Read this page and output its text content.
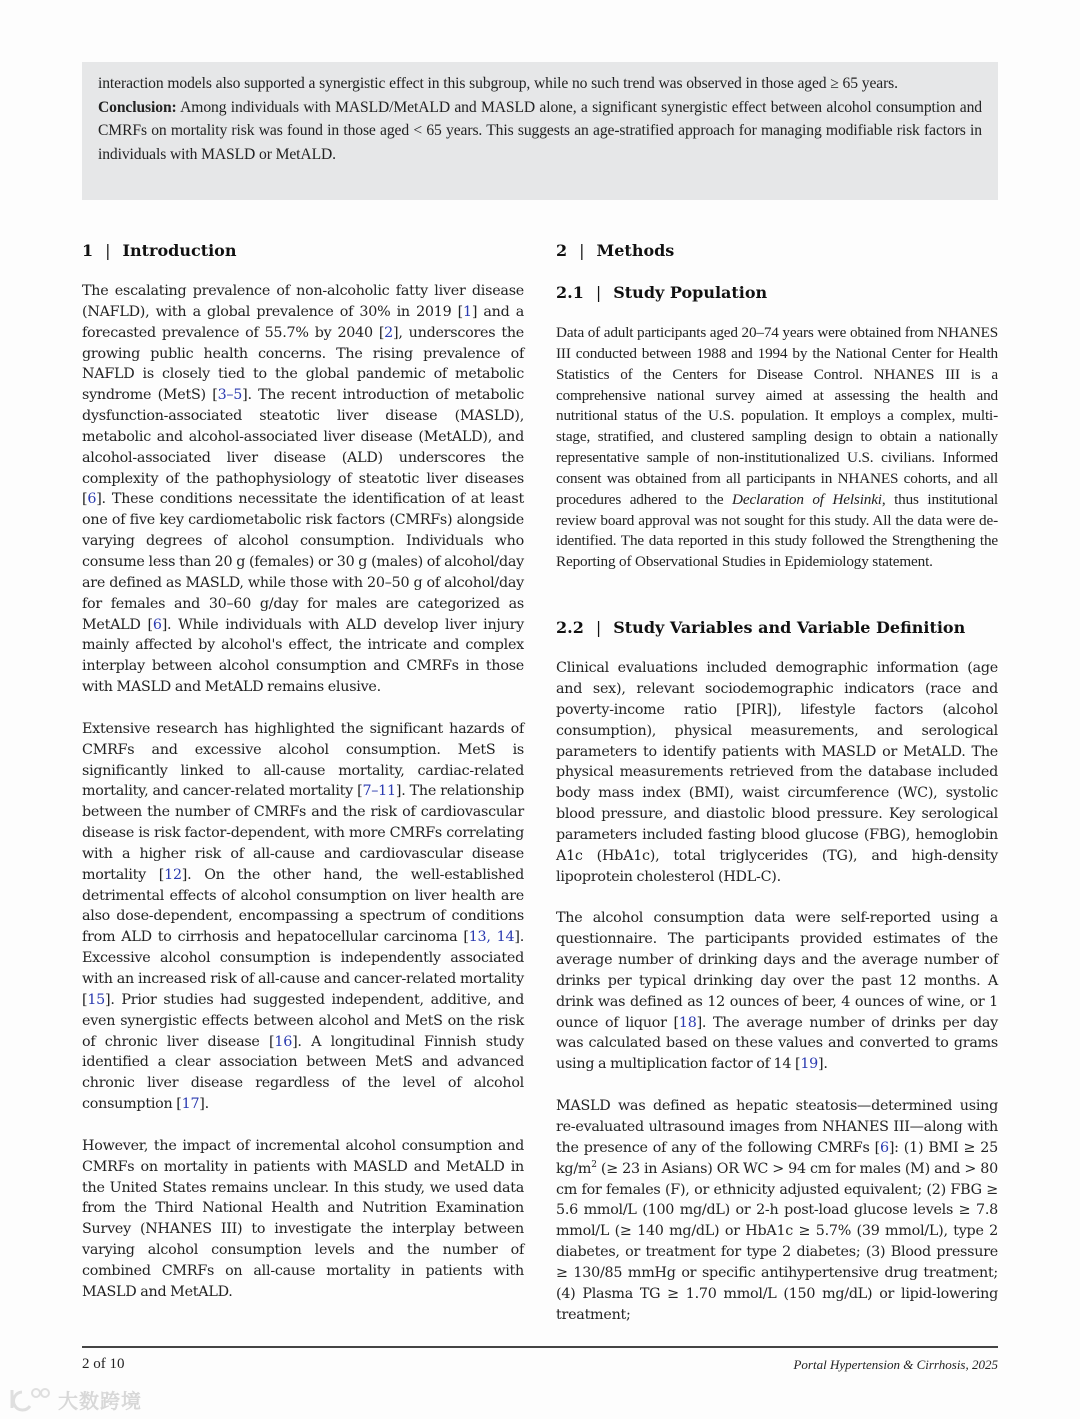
interaction models also supported a synergistic effect in this subgroup, while no such trend was observed in those aged ≥ 65 years.

Conclusion: Among individuals with MASLD/MetALD and MASLD alone, a significant synergistic effect between alcohol consumption and CMRFs on mortality risk was found in those aged < 65 years. This suggests an age-stratified approach for managing modifiable risk factors in individuals with MASLD or MetALD.

1 | Introduction

The escalating prevalence of non-alcoholic fatty liver disease (NAFLD), with a global prevalence of 30% in 2019 [1] and a forecasted prevalence of 55.7% by 2040 [2], underscores the growing public health concerns. The rising prevalence of NAFLD is closely tied to the global pandemic of metabolic syndrome (MetS) [3–5]. The recent introduction of metabolic dysfunction-associated steatotic liver disease (MASLD), metabolic and alcohol-associated liver disease (MetALD), and alcohol-associated liver disease (ALD) underscores the complexity of the pathophysiology of steatotic liver diseases [6]. These conditions necessitate the identification of at least one of five key cardiometabolic risk factors (CMRFs) alongside varying degrees of alcohol consumption. Individuals who consume less than 20 g (females) or 30 g (males) of alcohol/day are defined as MASLD, while those with 20–50 g of alcohol/day for females and 30–60 g/day for males are categorized as MetALD [6]. While individuals with ALD develop liver injury mainly affected by alcohol's effect, the intricate and complex interplay between alcohol consumption and CMRFs in those with MASLD and MetALD remains elusive.

Extensive research has highlighted the significant hazards of CMRFs and excessive alcohol consumption. MetS is significantly linked to all-cause mortality, cardiac-related mortality, and cancer-related mortality [7–11]. The relationship between the number of CMRFs and the risk of cardiovascular disease is risk factor-dependent, with more CMRFs correlating with a higher risk of all-cause and cardiovascular disease mortality [12]. On the other hand, the well-established detrimental effects of alcohol consumption on liver health are also dose-dependent, encompassing a spectrum of conditions from ALD to cirrhosis and hepatocellular carcinoma [13, 14]. Excessive alcohol consumption is independently associated with an increased risk of all-cause and cancer-related mortality [15]. Prior studies had suggested independent, additive, and even synergistic effects between alcohol and MetS on the risk of chronic liver disease [16]. A longitudinal Finnish study identified a clear association between MetS and advanced chronic liver disease regardless of the level of alcohol consumption [17].

However, the impact of incremental alcohol consumption and CMRFs on mortality in patients with MASLD and MetALD in the United States remains unclear. In this study, we used data from the Third National Health and Nutrition Examination Survey (NHANES III) to investigate the interplay between varying alcohol consumption levels and the number of combined CMRFs on all-cause mortality in patients with MASLD and MetALD.

2 | Methods
2.1 | Study Population

Data of adult participants aged 20–74 years were obtained from NHANES III conducted between 1988 and 1994 by the National Center for Health Statistics of the Centers for Disease Control. NHANES III is a comprehensive national survey aimed at assessing the health and nutritional status of the U.S. population. It employs a complex, multi-stage, stratified, and clustered sampling design to obtain a nationally representative sample of non-institutionalized U.S. civilians. Informed consent was obtained from all participants in NHANES cohorts, and all procedures adhered to the Declaration of Helsinki, thus institutional review board approval was not sought for this study. All the data were de-identified. The data reported in this study followed the Strengthening the Reporting of Observational Studies in Epidemiology statement.

2.2 | Study Variables and Variable Definition

Clinical evaluations included demographic information (age and sex), relevant sociodemographic indicators (race and poverty-income ratio [PIR]), lifestyle factors (alcohol consumption), physical measurements, and serological parameters to identify patients with MASLD or MetALD. The physical measurements retrieved from the database included body mass index (BMI), waist circumference (WC), systolic blood pressure, and diastolic blood pressure. Key serological parameters included fasting blood glucose (FBG), hemoglobin A1c (HbA1c), total triglycerides (TG), and high-density lipoprotein cholesterol (HDL-C).

The alcohol consumption data were self-reported using a questionnaire. The participants provided estimates of the average number of drinking days and the average number of drinks per typical drinking day over the past 12 months. A drink was defined as 12 ounces of beer, 4 ounces of wine, or 1 ounce of liquor [18]. The average number of drinks per day was calculated based on these values and converted to grams using a multiplication factor of 14 [19].

MASLD was defined as hepatic steatosis—determined using re-evaluated ultrasound images from NHANES III—along with the presence of any of the following CMRFs [6]: (1) BMI ≥ 25 $kg/m^2$ (≥ 23 in Asians) OR WC > 94 cm for males (M) and > 80 cm for females (F), or ethnicity adjusted equivalent; (2) FBG ≥ 5.6 mmol/L (100 mg/dL) or 2-h post-load glucose levels ≥ 7.8 mmol/L (≥ 140 mg/dL) or HbA1c ≥ 5.7% (39 mmol/L), type 2 diabetes, or treatment for type 2 diabetes; (3) Blood pressure ≥ 130/85 mmHg or specific antihypertensive drug treatment; (4) Plasma TG ≥ 1.70 mmol/L (150 mg/dL) or lipid-lowering treatment;

2 of 10	Portal Hypertension & Cirrhosis, 2025
大数跨境
